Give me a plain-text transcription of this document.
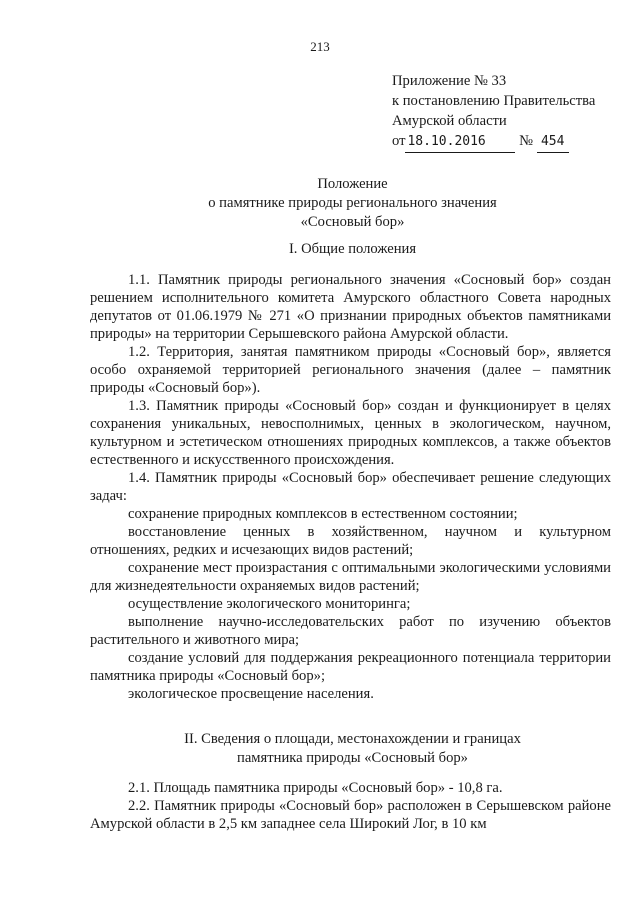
213
Приложение № 33
к постановлению Правительства
Амурской области
от 18.10.2016 № 454
Положение
о памятнике природы регионального значения
«Сосновый бор»
I. Общие положения

1.1. Памятник природы регионального значения «Сосновый бор» создан решением исполнительного комитета Амурского областного Совета народных депутатов от 01.06.1979 № 271 «О признании природных объектов памятниками природы» на территории Серышевского района Амурской области.

1.2. Территория, занятая памятником природы «Сосновый бор», является особо охраняемой территорией регионального значения (далее – памятник природы «Сосновый бор»).

1.3. Памятник природы «Сосновый бор» создан и функционирует в целях сохранения уникальных, невосполнимых, ценных в экологическом, научном, культурном и эстетическом отношениях природных комплексов, а также объектов естественного и искусственного происхождения.

1.4. Памятник природы «Сосновый бор» обеспечивает решение следующих задач:

сохранение природных комплексов в естественном состоянии;

восстановление ценных в хозяйственном, научном и культурном отношениях, редких и исчезающих видов растений;

сохранение мест произрастания с оптимальными экологическими условиями для жизнедеятельности охраняемых видов растений;

осуществление экологического мониторинга;

выполнение научно-исследовательских работ по изучению объектов растительного и животного мира;

создание условий для поддержания рекреационного потенциала территории памятника природы «Сосновый бор»;

экологическое просвещение населения.

II. Сведения о площади, местонахождении и границах
памятника природы «Сосновый бор»

2.1. Площадь памятника природы «Сосновый бор» - 10,8 га.

2.2. Памятник природы «Сосновый бор» расположен в Серышевском районе Амурской области в 2,5 км западнее села Широкий Лог, в 10 км
